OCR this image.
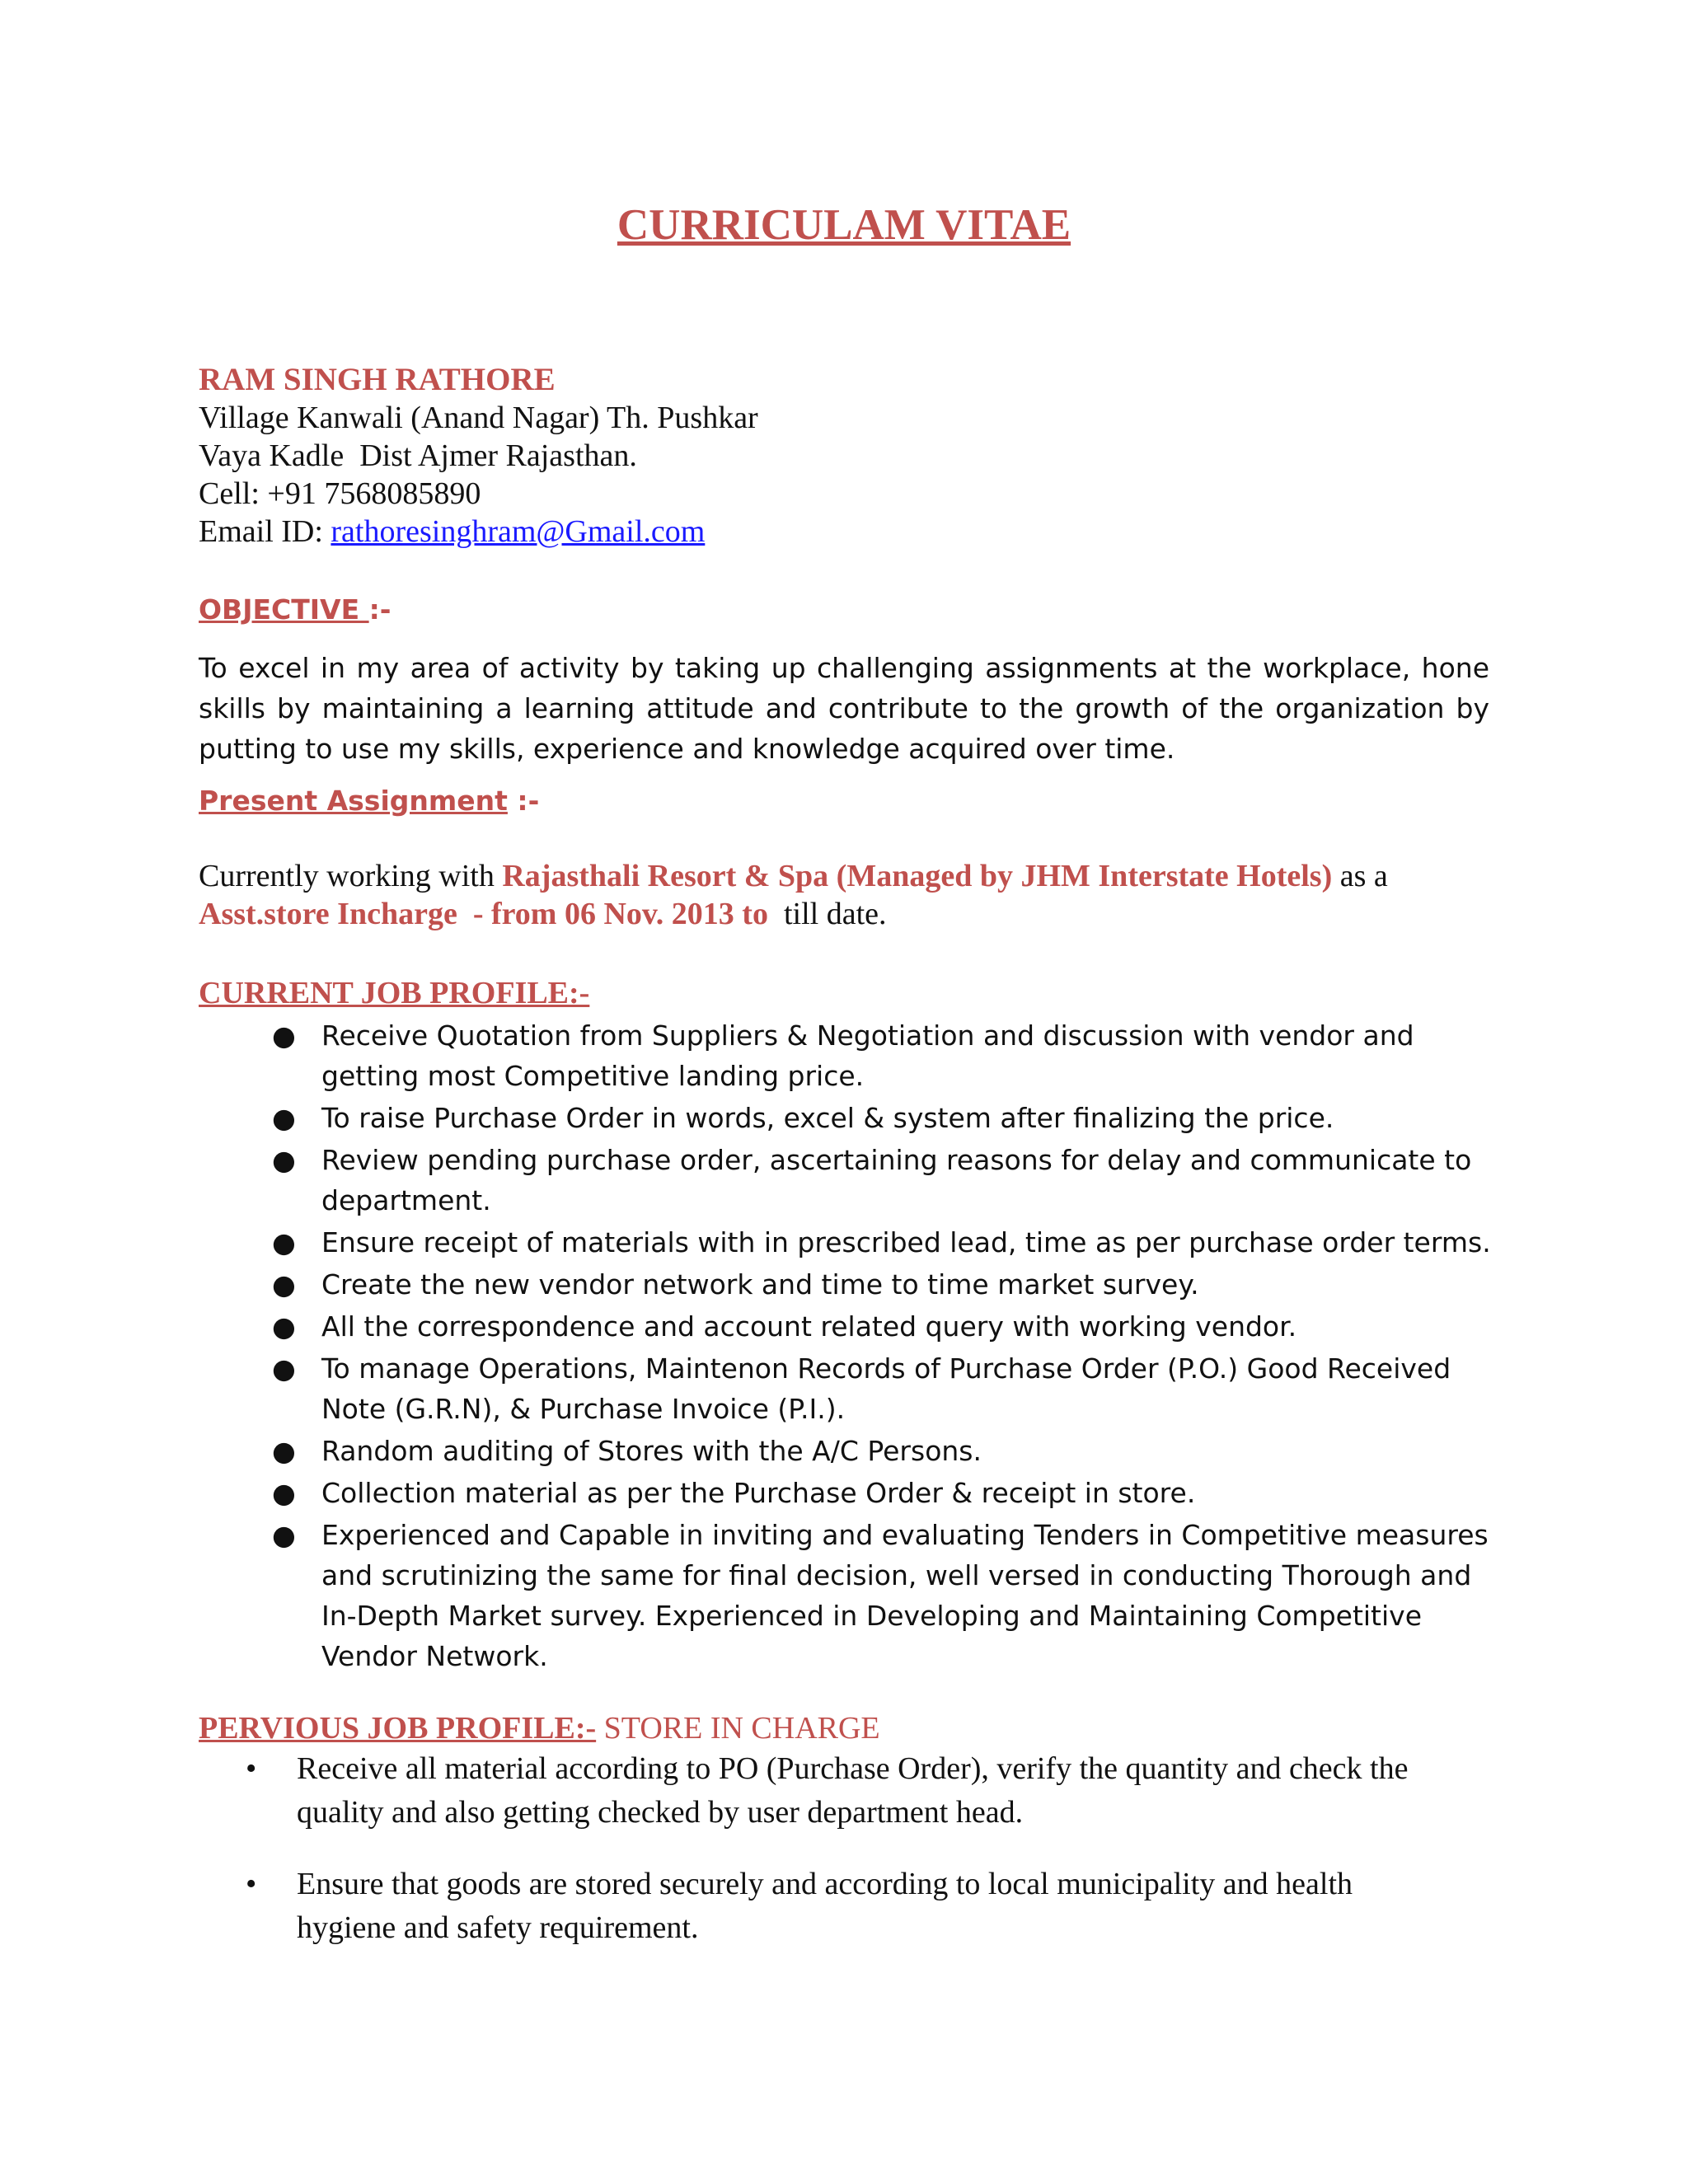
CURRICULAM VITAE
RAM SINGH RATHORE
Village Kanwali (Anand Nagar) Th. Pushkar
Vaya Kadle  Dist Ajmer Rajasthan.
Cell: +91 7568085890
Email ID: rathoresinghram@Gmail.com
OBJECTIVE :-
To excel in my area of activity by taking up challenging assignments at the workplace, hone skills by maintaining a learning attitude and contribute to the growth of the organization by putting to use my skills, experience and knowledge acquired over time.
Present Assignment :-
Currently working with Rajasthali Resort & Spa (Managed by JHM Interstate Hotels) as a
Asst.store Incharge  - from 06 Nov. 2013 to  till date.
CURRENT JOB PROFILE:-
● Receive Quotation from Suppliers & Negotiation and discussion with vendor and getting most Competitive landing price.
● To raise Purchase Order in words, excel & system after finalizing the price.
● Review pending purchase order, ascertaining reasons for delay and communicate to department.
● Ensure receipt of materials with in prescribed lead, time as per purchase order terms.
● Create the new vendor network and time to time market survey.
● All the correspondence and account related query with working vendor.
● To manage Operations, Maintenon Records of Purchase Order (P.O.) Good Received Note (G.R.N), & Purchase Invoice (P.I.).
● Random auditing of Stores with the A/C Persons.
● Collection material as per the Purchase Order & receipt in store.
● Experienced and Capable in inviting and evaluating Tenders in Competitive measures and scrutinizing the same for final decision, well versed in conducting Thorough and In-Depth Market survey. Experienced in Developing and Maintaining Competitive Vendor Network.
PERVIOUS JOB PROFILE:- STORE IN CHARGE
• Receive all material according to PO (Purchase Order), verify the quantity and check the quality and also getting checked by user department head.
• Ensure that goods are stored securely and according to local municipality and health hygiene and safety requirement.
